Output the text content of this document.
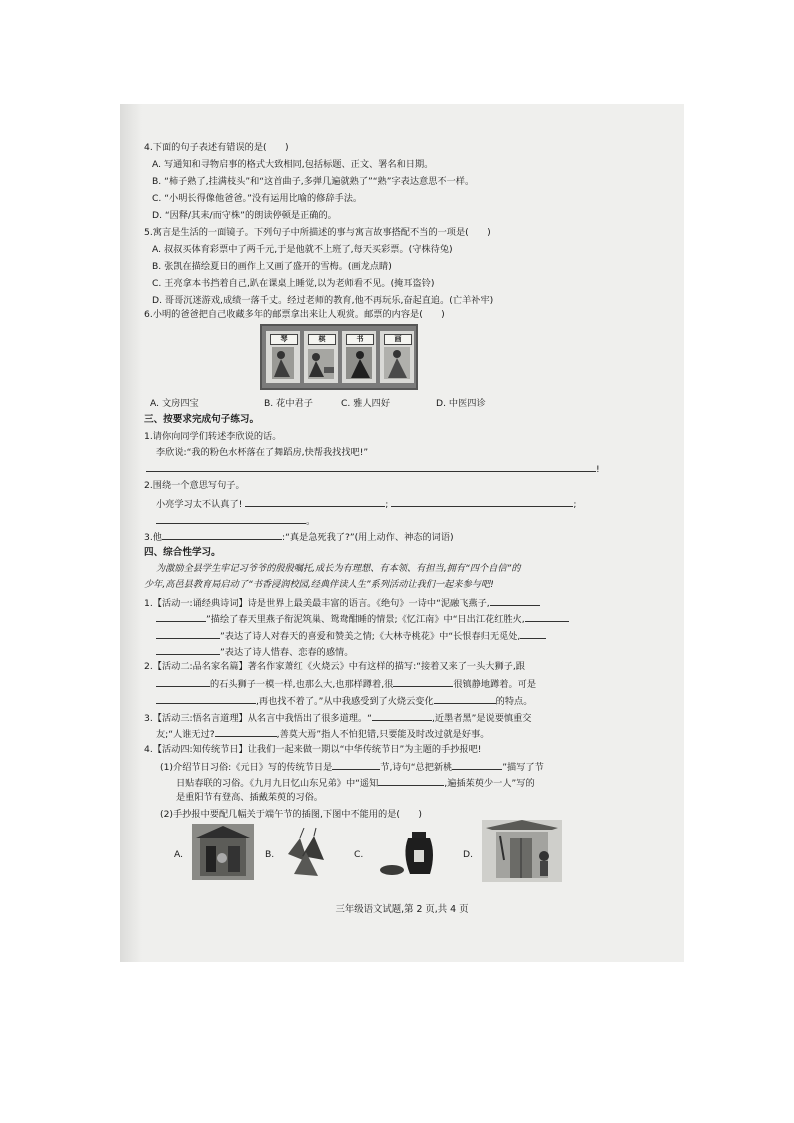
4.下面的句子表述有错误的是(　　)
A. 写通知和寻物启事的格式大致相同,包括标题、正文、署名和日期。
B. “柿子熟了,挂满枝头”和“这首曲子,多弹几遍就熟了”“熟”字表达意思不一样。
C. “小明长得像他爸爸。”没有运用比喻的修辞手法。
D. “因释/其耒/而守株”的朗读停顿是正确的。
5.寓言是生活的一面镜子。下列句子中所描述的事与寓言故事搭配不当的一项是(　　)
A. 叔叔买体育彩票中了两千元,于是他就不上班了,每天买彩票。(守株待兔)
B. 张凯在描绘夏日的画作上又画了盛开的雪梅。(画龙点睛)
C. 王亮拿本书挡着自己,趴在课桌上睡觉,以为老师看不见。(掩耳盗铃)
D. 哥哥沉迷游戏,成绩一落千丈。经过老师的教育,他不再玩乐,奋起直追。(亡羊补牢)
6.小明的爸爸把自己收藏多年的邮票拿出来让人观赏。邮票的内容是(　　)
琴	棋	书	画
A. 文房四宝	B. 花中君子	C. 雅人四好	D. 中医四诊
三、按要求完成句子练习。
1.请你向同学们转述李欣说的话。
李欣说:“我的粉色水杯落在了舞蹈房,快帮我找找吧!”
!
2.围绕一个意思写句子。
小亮学习太不认真了!	;	;
。
3.他	:“真是急死我了?”(用上动作、神态的词语)
四、综合性学习。
为激励全县学生牢记习爷爷的殷殷嘱托,成长为有理想、有本领、有担当,拥有“四个自信”的
少年,高邑县教育局启动了“书香浸润校园,经典伴读人生”系列活动让我们一起来参与吧!
1.【活动一:诵经典诗词】诗是世界上最美最丰富的语言。《绝句》一诗中“泥融飞燕子,
”描绘了春天里燕子衔泥筑巢、鸳鸯酣睡的情景;《忆江南》中“日出江花红胜火,
”表达了诗人对春天的喜爱和赞美之情;《大林寺桃花》中“长恨春归无觅处,
”表达了诗人惜春、恋春的感情。
2.【活动二:品名家名篇】著名作家萧红《火烧云》中有这样的描写:“接着又来了一头大狮子,跟
的石头狮子一模一样,也那么大,也那样蹲着,很	很镇静地蹲着。可是
,再也找不着了。”从中我感受到了火烧云变化	的特点。
3.【活动三:悟名言道理】从名言中我悟出了很多道理。“	,近墨者黑”是说要慎重交
友;“人谁无过?	,善莫大焉”指人不怕犯错,只要能及时改过就是好事。
4.【活动四:知传统节日】让我们一起来做一期以“中华传统节日”为主题的手抄报吧!
(1)介绍节日习俗:《元日》写的传统节日是	节,诗句“总把新桃	”描写了节
日贴春联的习俗。《九月九日忆山东兄弟》中“遥知	,遍插茱萸少一人”写的
是重阳节有登高、插戴茱萸的习俗。
(2)手抄报中要配几幅关于端午节的插图,下图中不能用的是(　　)
A.	B.	C.	D.
三年级语文试题,第 2 页,共 4 页
